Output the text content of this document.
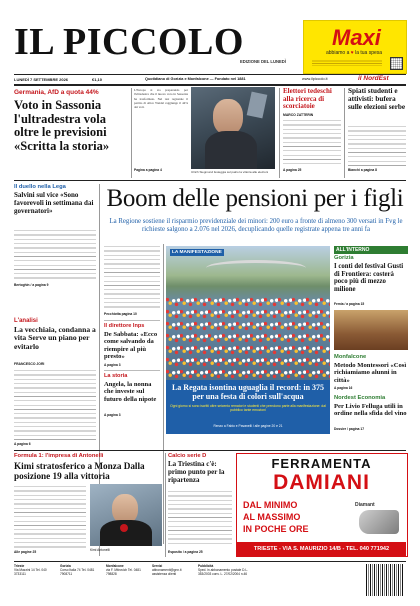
IL PICCOLO
EDIZIONE DEL LUNEDÌ
Maxi
abbiamo a ♥ la tua spesa
LUNEDÌ 7 SETTEMBRE 2026	€1,10	Quotidiano di Gorizia e Monfalcone — Fondato nel 1881	www.ilpiccolo.it	il NordEst
Germania, AfD a quota 44%
Voto in Sassonia l'ultradestra vola oltre le previsioni «Scritta la storia»
L'Europa si sta preparando per l'ultradestra che il nuovo voto in Sassonia ha trasformato. Nel test regionale il partito di Alice Weidel raggiunge il 44% dei voti.
Pagina a pagina 4	Ulrich Siegmund festeggia sul palco la vittoria alle elezioni
Elettori tedeschi alla ricerca di scorciatoie
MARCO ZATTERIN
A pagina 25
Spiati studenti e attivisti: bufera sulle elezioni serbe
Bianchi a pagina 8
Il duello nella Lega
Salvini sul vice «Sono favorevoli in settimana dai governatori»
Bertoghin / a pagina 9
Boom delle pensioni per i figli
La Regione sostiene il risparmio previdenziale dei minori: 200 euro a fronte di almeno 300 versati in Fvg le richieste salgono a 2.076 nel 2026, decuplicando quelle registrate appena tre anni fa
Pecchiotta pagina 10
L'analisi
La vecchiaia, condanna a vita Serve un piano per evitarlo
FRANCESCO JORI
A pagina 6
Il direttore Inps
De Sabbata: «Ecco come salvando da riempire al più presto»
A pagina 3
La storia
Angela, la nonna che investe sul futuro della nipote
A pagina 3
LA MANIFESTAZIONE
La Regata isontina uguaglia il record: in 375 per una festa di colori sull'acqua
Ogni giorno si sono iscritti oltre seicento rematori e studenti che prendono parte alla manifestazione: dal pubblico tante emozioni
Renzo a Fabio e Pavanelli / alle pagine 20 e 21
ALL'INTERNO
Gorizia
I conti del festival Gusti di Frontiera: costerà poco più di mezzo milione
Femia / a pagina 15
Monfalcone
Metodo Montessori «Così richiamiamo alunni in città»
A pagina 16
Nordest Economia
Per Livio Felluga utili in ordine nella sfida del vino
Dossier / pagina 17
Formula 1: l'impresa di Antonelli
Kimi stratosferico a Monza Dalla posizione 19 alla vittoria
Alle pagine 25	Kimi Antonelli
Calcio serie D
La Triestina c'è: primo punto per la ripartenza
Esposito / a pagina 25
FERRAMENTA
DAMIANI
DAL MINIMO
AL MASSIMO
IN POCHE ORE
Diamant
TRIESTE - VIA S. MAURIZIO 14/B - TEL. 040 771942
Trieste
Via Mazzini 14 Tel. 040 3733111
Gorizia
Corso Italia 74 Tel. 0481 7908711
Monfalcone
via F. Mitrovich Tel. 0481 798828
Servizi
abbonamenti@gnn.it assistenza clienti
Pubblicità
Sped. in abbonamento postale D.L. 353/2003 conv. L. 27/02/2004 n.46
